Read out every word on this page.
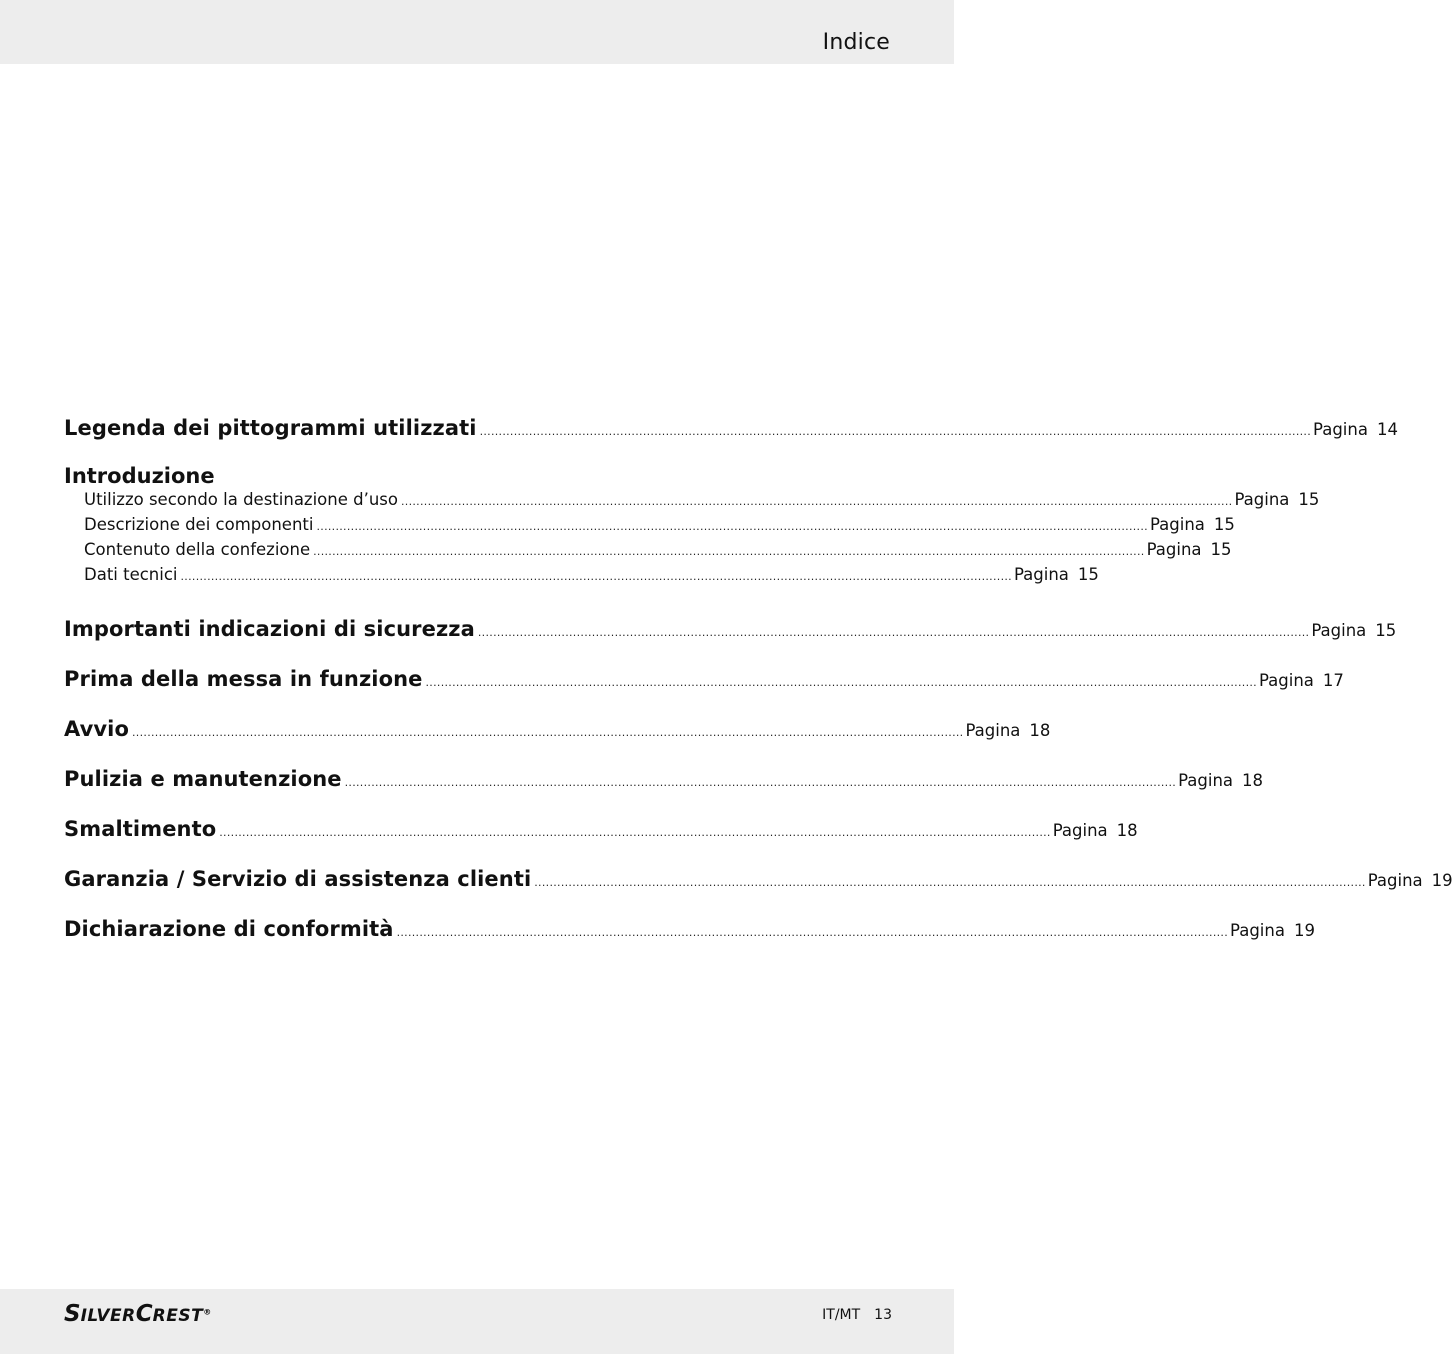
Indice
Legenda dei pittogrammi utilizzati ........................................................................................................................................................................................................................... Pagina 14
Introduzione
Utilizzo secondo la destinazione d’uso ........................................................................................................................................................................................................................... Pagina 15
Descrizione dei componenti ........................................................................................................................................................................................................................... Pagina 15
Contenuto della confezione ........................................................................................................................................................................................................................... Pagina 15
Dati tecnici ........................................................................................................................................................................................................................... Pagina 15
Importanti indicazioni di sicurezza ........................................................................................................................................................................................................................... Pagina 15
Prima della messa in funzione ........................................................................................................................................................................................................................... Pagina 17
Avvio ........................................................................................................................................................................................................................... Pagina 18
Pulizia e manutenzione ........................................................................................................................................................................................................................... Pagina 18
Smaltimento ........................................................................................................................................................................................................................... Pagina 18
Garanzia / Servizio di assistenza clienti ........................................................................................................................................................................................................................... Pagina 19
Dichiarazione di conformità ........................................................................................................................................................................................................................... Pagina 19
SILVERCREST®	IT/MT 13
